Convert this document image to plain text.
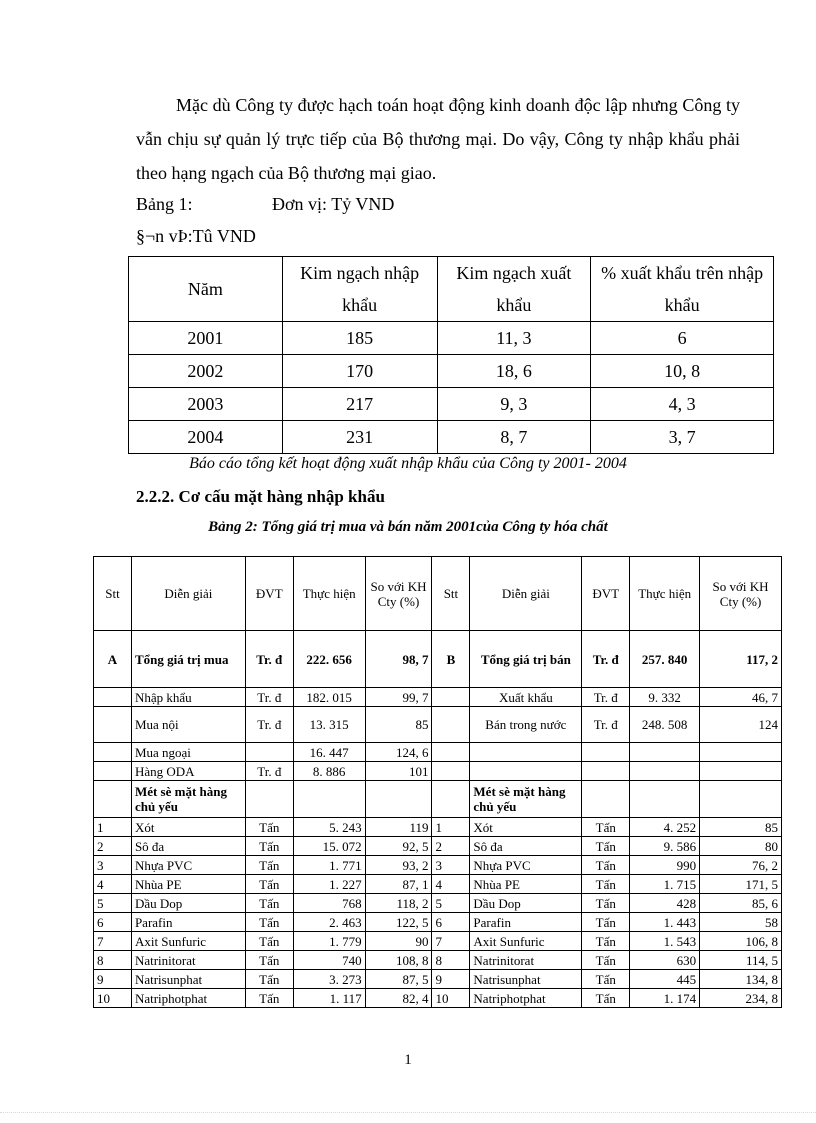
Mặc dù Công ty được hạch toán hoạt động kinh doanh độc lập nhưng Công ty vẫn chịu sự quản lý trực tiếp của Bộ thương mại. Do vậy, Công ty nhập khẩu phải theo hạng ngạch của Bộ thương mại giao.
Bảng 1:	Đơn vị: Tỷ VND
§¬n vÞ:Tû VND
Năm	Kim ngạch nhập khẩu	Kim ngạch xuất khẩu	% xuất khẩu trên nhập khẩu
2001	185	11, 3	6
2002	170	18, 6	10, 8
2003	217	9, 3	4, 3
2004	231	8, 7	3, 7
Báo cáo tổng kết hoạt động xuất nhập khẩu của Công ty 2001- 2004
2.2.2. Cơ cấu mặt hàng nhập khẩu
Bảng 2: Tổng giá trị mua và bán năm 2001của Công ty hóa chất
Stt	Diễn giải	ĐVT	Thực hiện	So với KH Cty (%)	Stt	Diễn giải	ĐVT	Thực hiện	So với KH Cty (%)
A	Tổng giá trị mua	Tr. đ	222. 656	98, 7	B	Tổng giá trị bán	Tr. đ	257. 840	117, 2
	Nhập khẩu	Tr. đ	182. 015	99, 7		Xuất khẩu	Tr. đ	9. 332	46, 7
	Mua nội	Tr. đ	13. 315	85		Bán trong nước	Tr. đ	248. 508	124
	Mua ngoại		16. 447	124, 6					
	Hàng ODA	Tr. đ	8. 886	101					
	Mét sè mặt hàng chủ yếu					Mét sè mặt hàng chủ yếu			
1	Xót	Tấn	5. 243	119	1	Xót	Tấn	4. 252	85
2	Sô đa	Tấn	15. 072	92, 5	2	Sô đa	Tấn	9. 586	80
3	Nhựa PVC	Tấn	1. 771	93, 2	3	Nhựa PVC	Tấn	990	76, 2
4	Nhùa PE	Tấn	1. 227	87, 1	4	Nhùa PE	Tấn	1. 715	171, 5
5	Dầu Dop	Tấn	768	118, 2	5	Dầu Dop	Tấn	428	85, 6
6	Parafin	Tấn	2. 463	122, 5	6	Parafin	Tấn	1. 443	58
7	Axit Sunfuric	Tấn	1. 779	90	7	Axit Sunfuric	Tấn	1. 543	106, 8
8	Natrinitorat	Tấn	740	108, 8	8	Natrinitorat	Tấn	630	114, 5
9	Natrisunphat	Tấn	3. 273	87, 5	9	Natrisunphat	Tấn	445	134, 8
10	Natriphotphat	Tấn	1. 117	82, 4	10	Natriphotphat	Tấn	1. 174	234, 8
1
